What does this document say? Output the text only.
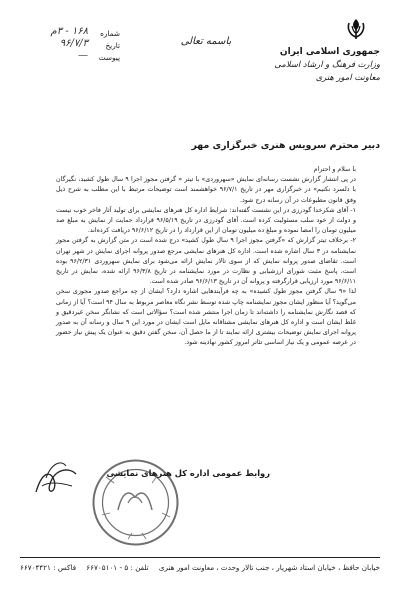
جمهوری اسلامی ایران
وزارت فرهنگ و ارشاد اسلامی
معاونت امور هنری
باسمه تعالی
شماره
۱۶۸ - ۳م
تاریخ
۹۶/۷/۳
پیوست
—
دبیر محترم سرویس هنری خبرگزاری مهر

با سلام و احترام

در پی انتشار گزارش نشست رسانه‌ای نمایش «سهروردی» با تیتر « گرفتن مجوز اجرا ۹ سال طول کشید، نگیرگان با دلسرد نکنیم» در خبرگزاری مهر در تاریخ ۹۶/۷/۱ خواهشمند است توضیحات مرتبط با این مطلب به شرح ذیل وفق قانون مطبوعات در آن رسانه درج شود.

۱- آقای شکرخدا گودرزی در این نشست گفته‌اند: شرایط اداره کل هنرهای نمایشی برای تولید آثار فاخر خوب نیست و دولت از خود سلب مسئولیت کرده است. آقای گودرزی در تاریخ ۹۶/۵/۱۹ قرارداد حمایت از نمایش به مبلغ صد میلیون تومان را امضا نموده و مبلغ ده میلیون تومان از این قرارداد را در تاریخ ۹۶/۶/۱۲ دریافت کرده‌اند.

۲- برخلاف تیتر گزارش که «گرفتن مجوز اجرا ۹ سال طول کشید» درج شده است در متن گزارش به گرفتن مجوز نمایشنامه در ۳ سال اشاره شده است. اداره کل هنرهای نمایشی مرجع صدور پروانه اجرای نمایش در شهر تهران است. تقاضای صدور پروانه نمایش که از سوی تالار نمایش ارائه می‌شود برای نمایش سهروردی ۹۶/۲/۳۱ بوده است، پاسخ مثبت شورای ارزشیابی و نظارت در مورد نمایشنامه در تاریخ ۹۶/۳/۸ ارائه شده، نمایش در تاریخ ۹۶/۶/۱۱ مورد ارزیابی قرارگرفته و پروانه آن در تاریخ ۹۶/۶/۱۳ صادر شده است.

لذا «۹ سال گرفتن مجوز طول کشیده» به چه فرآیندهایی اشاره دارد؟ ایشان از چه مراجع صدور مجوزی سخن می‌گوید؟ آیا منظور ایشان مجوز نمایشنامه چاپ شده توسط نشر نگاه معاصر مربوط به سال ۹۴ است؟ آیا از زمانی که قصد نگارش نمایشنامه را داشته‌اند تا زمان اجرا منتشر شده است؟ سؤالاتی است که نشانگر سخن غیردقیق و غلط ایشان است و اداره کل هنرهای نمایشی مشتاقانه مایل است ایشان در مورد این ۹ سال و رسانه آن به صدور پروانه اجرای نمایش توضیحات بیشتری ارائه نمایند تا از ما حصل آن، سخن گفتن دقیق به عنوان یک پیش نیاز حضور در عرصه عمومی و یک نیاز اساسی تئاتر امروز کشور نهادینه شود.

روابط عمومی اداره کل هنرهای نمایشی
خیابان حافظ ، خیابان استاد شهریار ، جنب تالار وحدت ، معاونت امور هنری
تلفن : ۵ - ۶۶۷۰۵۱۰۱
فاکس : ۶۶۷۰۴۴۲۱
